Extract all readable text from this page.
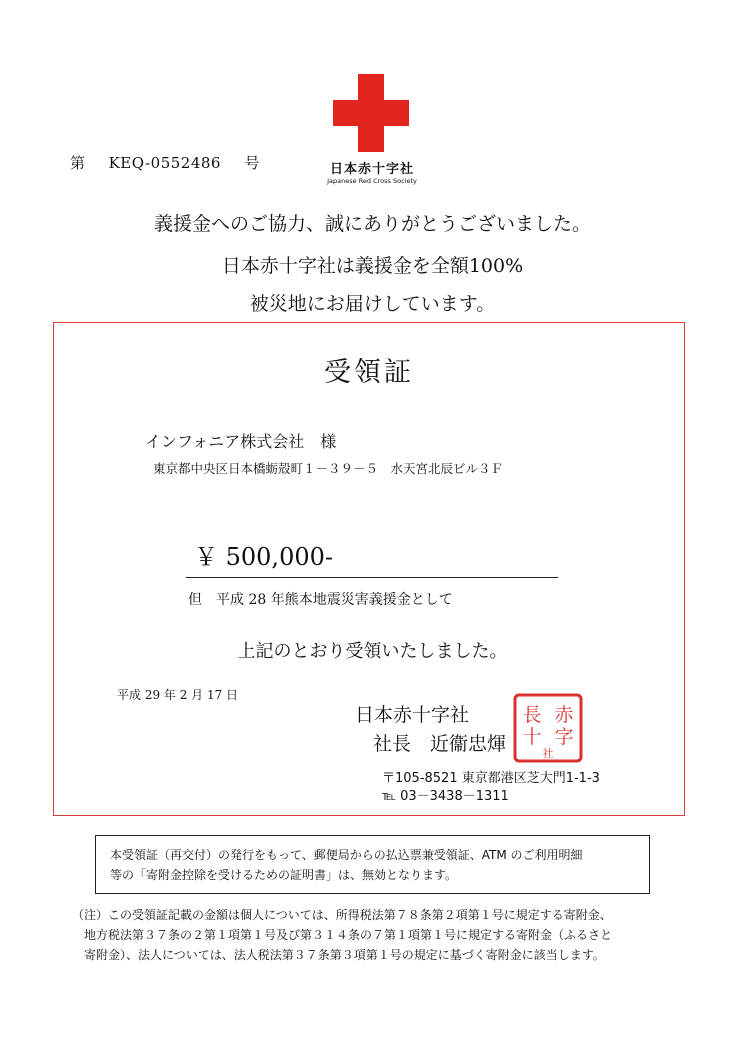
日本赤十字社
Japanese Red Cross Society
第 KEQ-0552486 号
義援金へのご協力、誠にありがとうございました。
日本赤十字社は義援金を全額100%
被災地にお届けしています。
受領証
インフォニア株式会社　様
東京都中央区日本橋蛎殻町１－３９－５　水天宮北辰ビル３Ｆ
￥ 500,000-
但　平成 28 年熊本地震災害義援金として
上記のとおり受領いたしました。
平成 29 年 2 月 17 日
日本赤十字社
社長　近衞忠煇
長 赤
十 字
社
〒105-8521 東京都港区芝大門1-1-3
℡ 03－3438－1311
本受領証（再交付）の発行をもって、郵便局からの払込票兼受領証、ATM のご利用明細
等の「寄附金控除を受けるための証明書」は、無効となります。
（注）この受領証記載の金額は個人については、所得税法第７８条第２項第１号に規定する寄附金、
地方税法第３７条の２第１項第１号及び第３１４条の７第１項第１号に規定する寄附金（ふるさと
寄附金）、法人については、法人税法第３７条第３項第１号の規定に基づく寄附金に該当します。
